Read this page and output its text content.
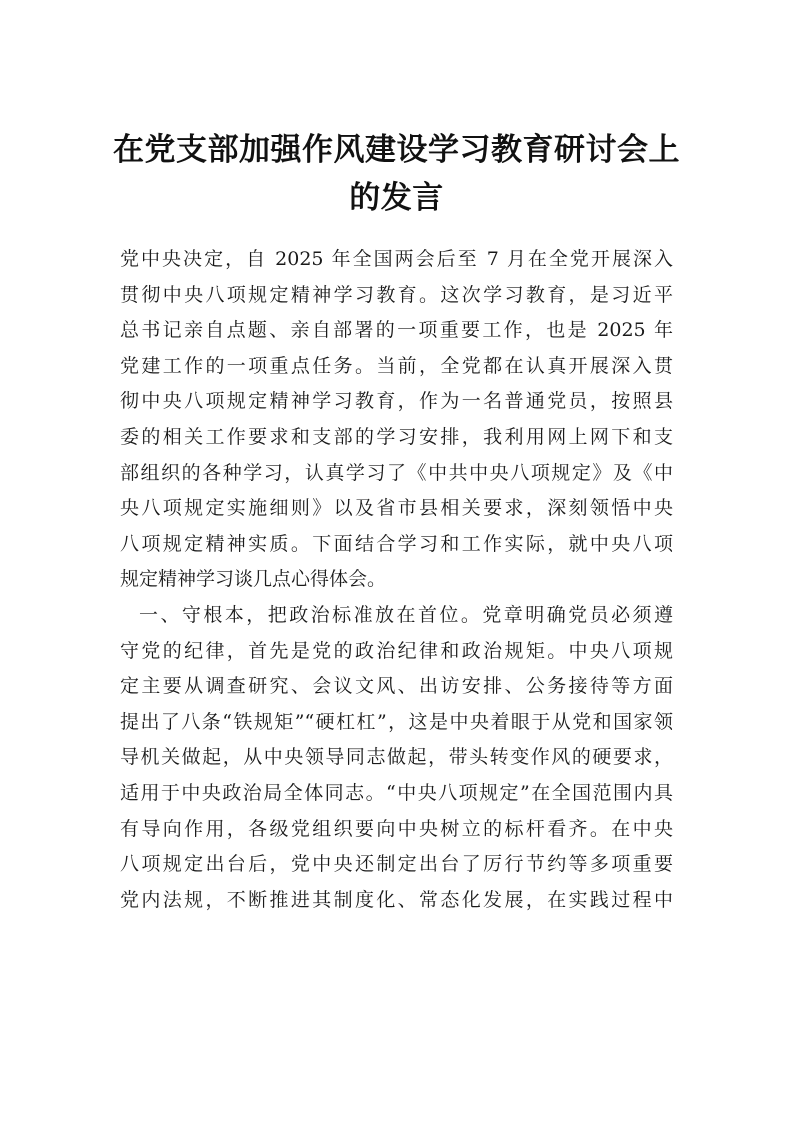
在党支部加强作风建设学习教育研讨会上
的发言
党中央决定，自 2025 年全国两会后至 7 月在全党开展深入
贯彻中央八项规定精神学习教育。这次学习教育，是习近平
总书记亲自点题、亲自部署的一项重要工作，也是 2025 年
党建工作的一项重点任务。当前，全党都在认真开展深入贯
彻中央八项规定精神学习教育，作为一名普通党员，按照县
委的相关工作要求和支部的学习安排，我利用网上网下和支
部组织的各种学习，认真学习了《中共中央八项规定》及《中
央八项规定实施细则》以及省市县相关要求，深刻领悟中央
八项规定精神实质。下面结合学习和工作实际，就中央八项
规定精神学习谈几点心得体会。
一、守根本，把政治标准放在首位。党章明确党员必须遵
守党的纪律，首先是党的政治纪律和政治规矩。中央八项规
定主要从调查研究、会议文风、出访安排、公务接待等方面
提出了八条“铁规矩”“硬杠杠”，这是中央着眼于从党和国家领
导机关做起，从中央领导同志做起，带头转变作风的硬要求，
适用于中央政治局全体同志。“中央八项规定”在全国范围内具
有导向作用，各级党组织要向中央树立的标杆看齐。在中央
八项规定出台后，党中央还制定出台了厉行节约等多项重要
党内法规，不断推进其制度化、常态化发展，在实践过程中
